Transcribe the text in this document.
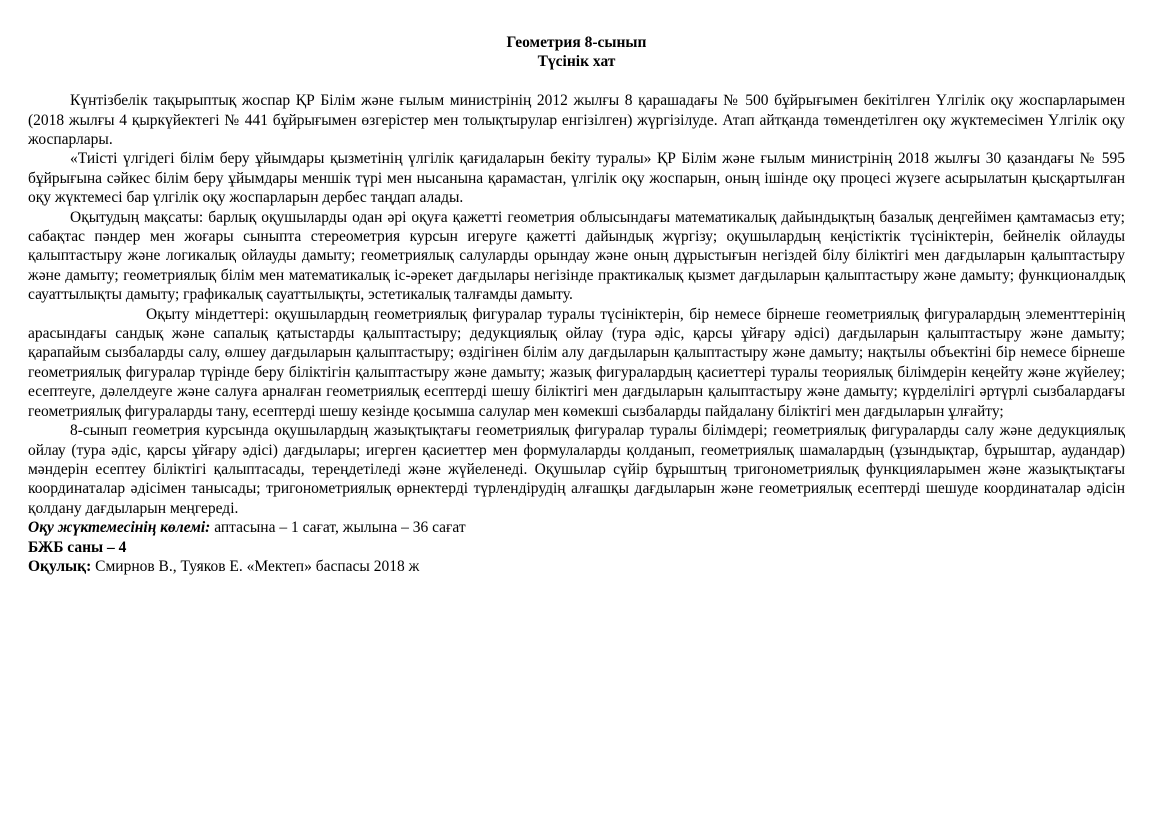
Геометрия 8-сынып
Түсінік хат

Күнтізбелік тақырыптық жоспар ҚР Білім және ғылым министрінің 2012 жылғы 8 қарашадағы № 500 бұйрығымен бекітілген Үлгілік оқу жоспарларымен (2018 жылғы 4 қыркүйектегі № 441 бұйрығымен өзгерістер мен толықтырулар енгізілген) жүргізілуде. Атап айтқанда төмендетілген оқу жүктемесімен Үлгілік оқу жоспарлары.

«Тиісті үлгідегі білім беру ұйымдары қызметінің үлгілік қағидаларын бекіту туралы» ҚР Білім және ғылым министрінің 2018 жылғы 30 қазандағы № 595 бұйрығына сәйкес білім беру ұйымдары меншік түрі мен нысанына қарамастан, үлгілік оқу жоспарын, оның ішінде оқу процесі жүзеге асырылатын қысқартылған оқу жүктемесі бар үлгілік оқу жоспарларын дербес таңдап алады.

Оқытудың мақсаты: барлық оқушыларды одан әрі оқуға қажетті геометрия облысындағы математикалық дайындықтың базалық деңгейімен қамтамасыз ету; сабақтас пәндер мен жоғары сыныпта стереометрия курсын игеруге қажетті дайындық жүргізу; оқушылардың кеңістіктік түсініктерін, бейнелік ойлауды қалыптастыру және логикалық ойлауды дамыту; геометриялық салуларды орындау және оның дұрыстығын негіздей білу біліктігі мен дағдыларын қалыптастыру және дамыту; геометриялық білім мен математикалық іс-әрекет дағдылары негізінде практикалық қызмет дағдыларын қалыптастыру және дамыту; функционалдық сауаттылықты дамыту; графикалық сауаттылықты, эстетикалық талғамды дамыту.

Оқыту міндеттері: оқушылардың геометриялық фигуралар туралы түсініктерін, бір немесе бірнеше геометриялық фигуралардың элементтерінің арасындағы сандық және сапалық қатыстарды қалыптастыру; дедукциялық ойлау (тура әдіс, қарсы ұйғару әдісі) дағдыларын қалыптастыру және дамыту; қарапайым сызбаларды салу, өлшеу дағдыларын қалыптастыру; өздігінен білім алу дағдыларын қалыптастыру және дамыту; нақтылы объектіні бір немесе бірнеше геометриялық фигуралар түрінде беру біліктігін қалыптастыру және дамыту; жазық фигуралардың қасиеттері туралы теориялық білімдерін кеңейту және жүйелеу; есептеуге, дәлелдеуге және салуға арналған геометриялық есептерді шешу біліктігі мен дағдыларын қалыптастыру және дамыту; күрделілігі әртүрлі сызбалардағы геометриялық фигураларды тану, есептерді шешу кезінде қосымша салулар мен көмекші сызбаларды пайдалану біліктігі мен дағдыларын ұлғайту;

8-сынып геометрия курсында оқушылардың жазықтықтағы геометриялық фигуралар туралы білімдері; геометриялық фигураларды салу және дедукциялық ойлау (тура әдіс, қарсы ұйғару әдісі) дағдылары; игерген қасиеттер мен формулаларды қолданып, геометриялық шамалардың (ұзындықтар, бұрыштар, аудандар) мәндерін есептеу біліктігі қалыптасады, тереңдетіледі және жүйеленеді. Оқушылар сүйір бұрыштың тригонометриялық функцияларымен және жазықтықтағы координаталар әдісімен танысады; тригонометриялық өрнектерді түрлендірудің алғашқы дағдыларын және геометриялық есептерді шешуде координаталар әдісін қолдану дағдыларын меңгереді.

Оқу жүктемесінің көлемі: аптасына – 1 сағат, жылына – 36 сағат

БЖБ саны – 4

Оқулық: Смирнов В., Туяков Е. «Мектеп» баспасы 2018 ж
